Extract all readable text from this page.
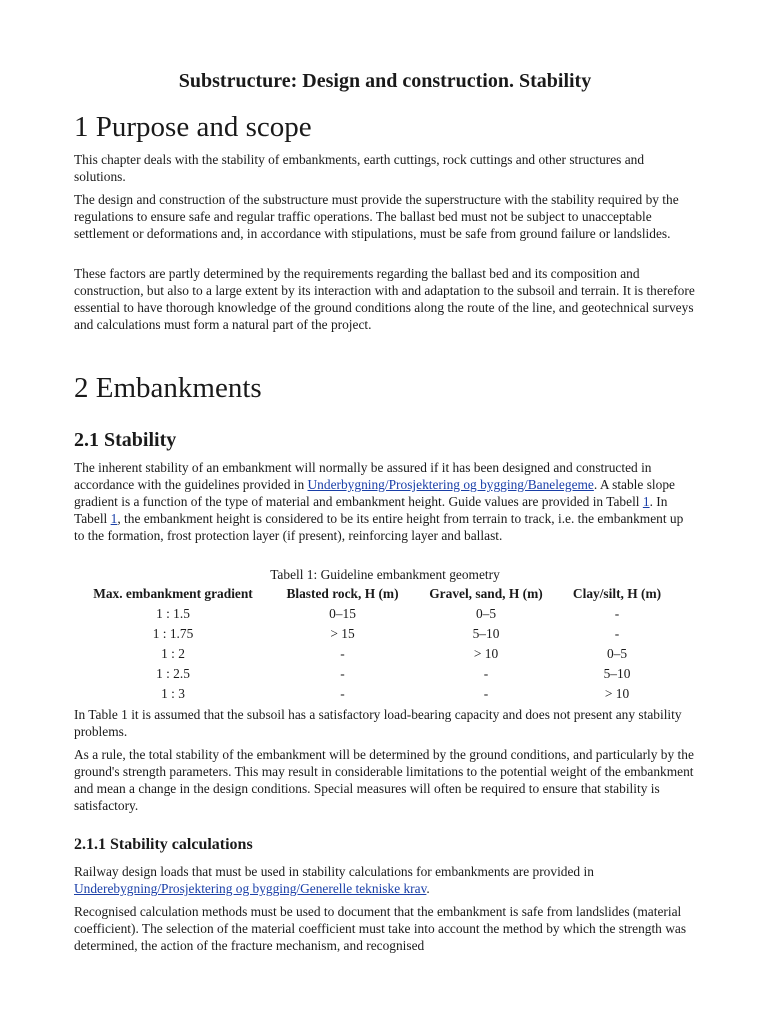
Substructure: Design and construction. Stability
1 Purpose and scope

This chapter deals with the stability of embankments, earth cuttings, rock cuttings and other structures and solutions.

The design and construction of the substructure must provide the superstructure with the stability required by the regulations to ensure safe and regular traffic operations. The ballast bed must not be subject to unacceptable settlement or deformations and, in accordance with stipulations, must be safe from ground failure or landslides.

These factors are partly determined by the requirements regarding the ballast bed and its composition and construction, but also to a large extent by its interaction with and adaptation to the subsoil and terrain. It is therefore essential to have thorough knowledge of the ground conditions along the route of the line, and geotechnical surveys and calculations must form a natural part of the project.

2 Embankments
2.1 Stability

The inherent stability of an embankment will normally be assured if it has been designed and constructed in accordance with the guidelines provided in Underbygning/Prosjektering og bygging/Banelegeme. A stable slope gradient is a function of the type of material and embankment height. Guide values are provided in Tabell 1. In Tabell 1, the embankment height is considered to be its entire height from terrain to track, i.e. the embankment up to the formation, frost protection layer (if present), reinforcing layer and ballast.

Tabell 1: Guideline embankment geometry
Max. embankment gradient	Blasted rock, H (m)	Gravel, sand, H (m)	Clay/silt, H (m)
1 : 1.5	0–15	0–5	-
1 : 1.75	> 15	5–10	-
1 : 2	-	> 10	0–5
1 : 2.5	-	-	5–10
1 : 3	-	-	> 10

In Table 1 it is assumed that the subsoil has a satisfactory load-bearing capacity and does not present any stability problems.

As a rule, the total stability of the embankment will be determined by the ground conditions, and particularly by the ground's strength parameters. This may result in considerable limitations to the potential weight of the embankment and mean a change in the design conditions. Special measures will often be required to ensure that stability is satisfactory.

2.1.1 Stability calculations

Railway design loads that must be used in stability calculations for embankments are provided in Underebygning/Prosjektering og bygging/Generelle tekniske krav.

Recognised calculation methods must be used to document that the embankment is safe from landslides (material coefficient). The selection of the material coefficient must take into account the method by which the strength was determined, the action of the fracture mechanism, and recognised
